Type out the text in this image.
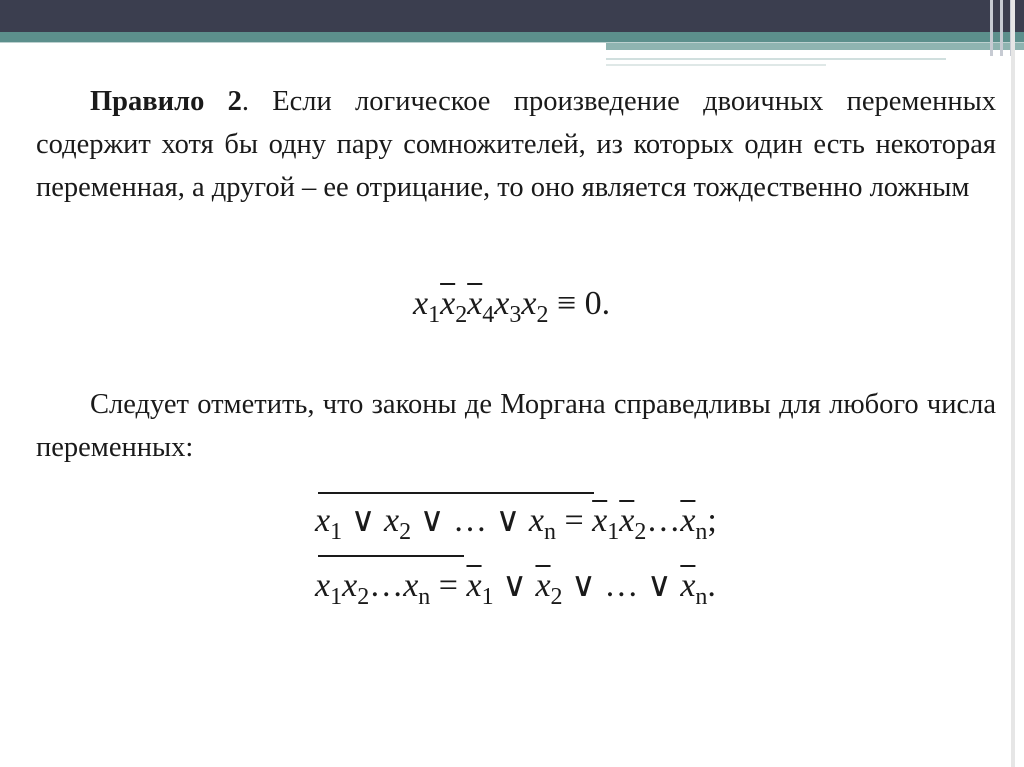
Правило 2. Если логическое произведение двоичных переменных содержит хотя бы одну пару сомножителей, из которых один есть некоторая переменная, а другой – ее отрицание, то оно является тождественно ложным
$x_1\overline{x}_2\overline{x}_4x_3x_2 \equiv 0$.
Следует отметить, что законы де Моргана справедливы для любого числа переменных:
$x_1$ ∨ $x_2$ ∨ … ∨ $x_n$ = $\overline{x}_1\overline{x}_2\dots\overline{x}_n$;
$x_1x_2\dots x_n = \overline{x}_1$ ∨ $\overline{x}_2$ ∨ … ∨ $\overline{x}_n$.
